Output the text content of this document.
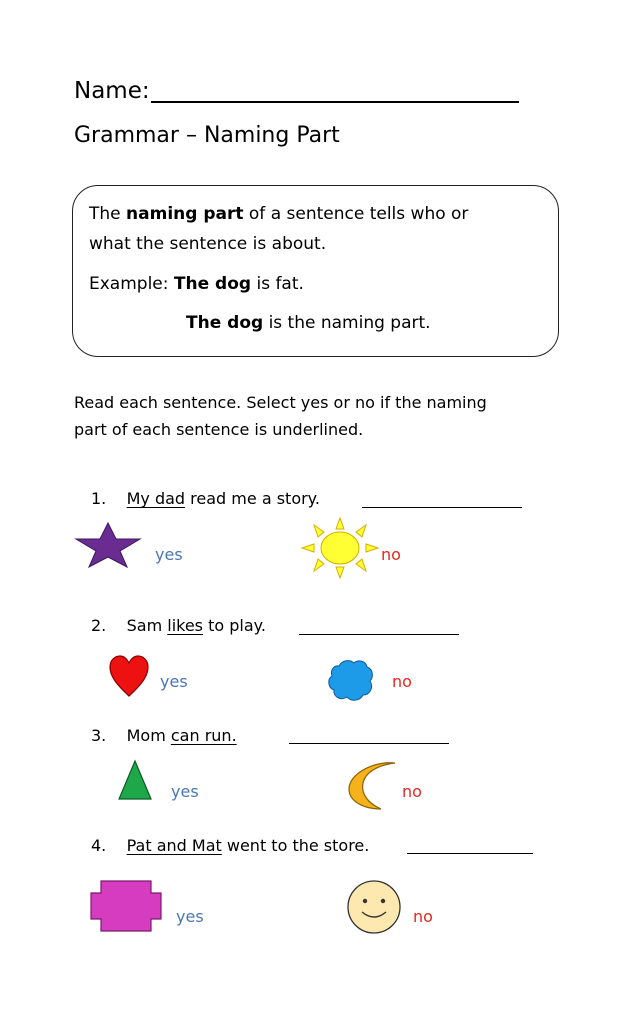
Name:
Grammar – Naming Part
The naming part of a sentence tells who or
what the sentence is about.
Example: The dog is fat.
The dog is the naming part.
Read each sentence. Select yes or no if the naming
part of each sentence is underlined.
1. My dad read me a story.
yes	no
2. Sam likes to play.
yes	no
3. Mom can run.
yes	no
4. Pat and Mat went to the store.
yes	no
